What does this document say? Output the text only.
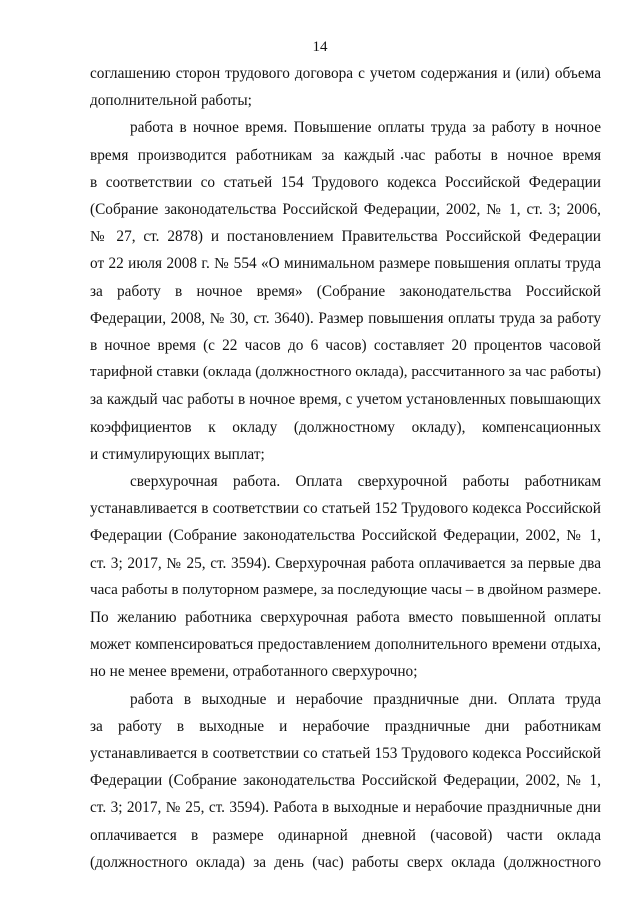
14

соглашению сторон трудового договора с учетом содержания и (или) объема
дополнительной работы;

работа в ночное время. Повышение оплаты труда за работу в ночное
время производится работникам за каждый час работы в ночное время
в соответствии со статьей 154 Трудового кодекса Российской Федерации
(Собрание законодательства Российской Федерации, 2002, № 1, ст. 3; 2006,
№ 27, ст. 2878) и постановлением Правительства Российской Федерации
от 22 июля 2008 г. № 554 «О минимальном размере повышения оплаты труда
за работу в ночное время» (Собрание законодательства Российской
Федерации, 2008, № 30, ст. 3640). Размер повышения оплаты труда за работу
в ночное время (с 22 часов до 6 часов) составляет 20 процентов часовой
тарифной ставки (оклада (должностного оклада), рассчитанного за час работы)
за каждый час работы в ночное время, с учетом установленных повышающих
коэффициентов к окладу (должностному окладу), компенсационных
и стимулирующих выплат;

сверхурочная работа. Оплата сверхурочной работы работникам
устанавливается в соответствии со статьей 152 Трудового кодекса Российской
Федерации (Собрание законодательства Российской Федерации, 2002, № 1,
ст. 3; 2017, № 25, ст. 3594). Сверхурочная работа оплачивается за первые два
часа работы в полуторном размере, за последующие часы – в двойном размере.
По желанию работника сверхурочная работа вместо повышенной оплаты
может компенсироваться предоставлением дополнительного времени отдыха,
но не менее времени, отработанного сверхурочно;

работа в выходные и нерабочие праздничные дни. Оплата труда
за работу в выходные и нерабочие праздничные дни работникам
устанавливается в соответствии со статьей 153 Трудового кодекса Российской
Федерации (Собрание законодательства Российской Федерации, 2002, № 1,
ст. 3; 2017, № 25, ст. 3594). Работа в выходные и нерабочие праздничные дни
оплачивается в размере одинарной дневной (часовой) части оклада
(должностного оклада) за день (час) работы сверх оклада (должностного
